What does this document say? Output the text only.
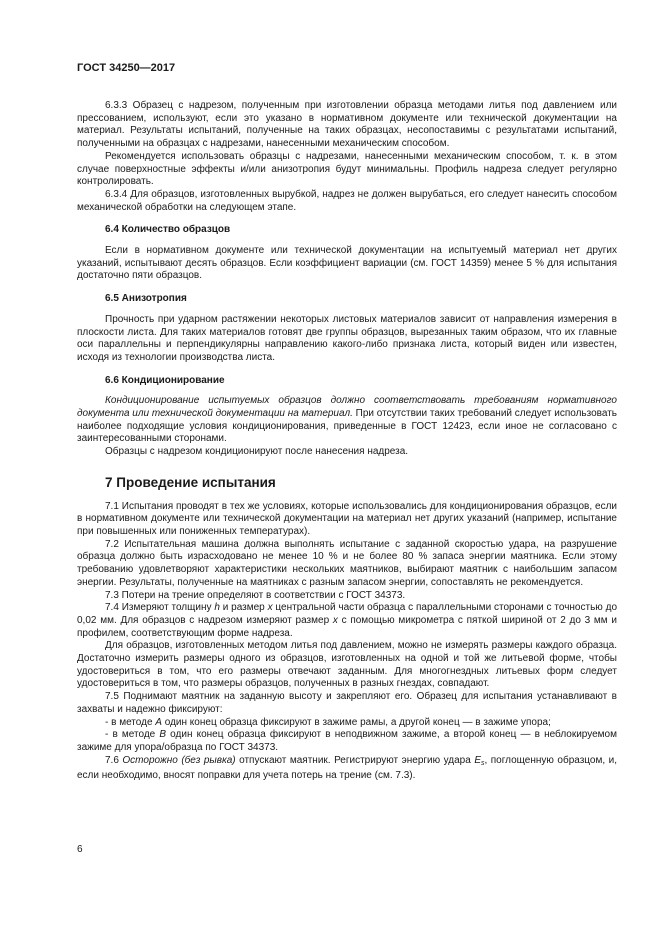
ГОСТ 34250—2017

6.3.3 Образец с надрезом, полученным при изготовлении образца методами литья под давлением или прессованием, используют, если это указано в нормативном документе или технической документации на материал. Результаты испытаний, полученные на таких образцах, несопоставимы с результатами испытаний, полученными на образцах с надрезами, нанесенными механическим способом.

Рекомендуется использовать образцы с надрезами, нанесенными механическим способом, т. к. в этом случае поверхностные эффекты и/или анизотропия будут минимальны. Профиль надреза следует регулярно контролировать.

6.3.4 Для образцов, изготовленных вырубкой, надрез не должен вырубаться, его следует нанесить способом механической обработки на следующем этапе.

6.4 Количество образцов

Если в нормативном документе или технической документации на испытуемый материал нет других указаний, испытывают десять образцов. Если коэффициент вариации (см. ГОСТ 14359) менее 5 % для испытания достаточно пяти образцов.

6.5 Анизотропия

Прочность при ударном растяжении некоторых листовых материалов зависит от направления измерения в плоскости листа. Для таких материалов готовят две группы образцов, вырезанных таким образом, что их главные оси параллельны и перпендикулярны направлению какого-либо признака листа, который виден или известен, исходя из технологии производства листа.

6.6 Кондиционирование

Кондиционирование испытуемых образцов должно соответствовать требованиям нормативного документа или технической документации на материал. При отсутствии таких требований следует использовать наиболее подходящие условия кондиционирования, приведенные в ГОСТ 12423, если иное не согласовано с заинтересованными сторонами.

Образцы с надрезом кондиционируют после нанесения надреза.

7 Проведение испытания

7.1 Испытания проводят в тех же условиях, которые использовались для кондиционирования образцов, если в нормативном документе или технической документации на материал нет других указаний (например, испытание при повышенных или пониженных температурах).

7.2 Испытательная машина должна выполнять испытание с заданной скоростью удара, на разрушение образца должно быть израсходовано не менее 10 % и не более 80 % запаса энергии маятника. Если этому требованию удовлетворяют характеристики нескольких маятников, выбирают маятник с наибольшим запасом энергии. Результаты, полученные на маятниках с разным запасом энергии, сопоставлять не рекомендуется.

7.3 Потери на трение определяют в соответствии с ГОСТ 34373.

7.4 Измеряют толщину h и размер x центральной части образца с параллельными сторонами с точностью до 0,02 мм. Для образцов с надрезом измеряют размер x с помощью микрометра с пяткой шириной от 2 до 3 мм и профилем, соответствующим форме надреза.

Для образцов, изготовленных методом литья под давлением, можно не измерять размеры каждого образца. Достаточно измерить размеры одного из образцов, изготовленных на одной и той же литьевой форме, чтобы удостовериться в том, что его размеры отвечают заданным. Для многогнездных литьевых форм следует удостовериться в том, что размеры образцов, полученных в разных гнездах, совпадают.

7.5 Поднимают маятник на заданную высоту и закрепляют его. Образец для испытания устанавливают в захваты и надежно фиксируют:

- в методе А один конец образца фиксируют в зажиме рамы, а другой конец — в зажиме упора;

- в методе В один конец образца фиксируют в неподвижном зажиме, а второй конец — в неблокируемом зажиме для упора/образца по ГОСТ 34373.

7.6 Осторожно (без рывка) отпускают маятник. Регистрируют энергию удара $E_s$, поглощенную образцом, и, если необходимо, вносят поправки для учета потерь на трение (см. 7.3).

6
